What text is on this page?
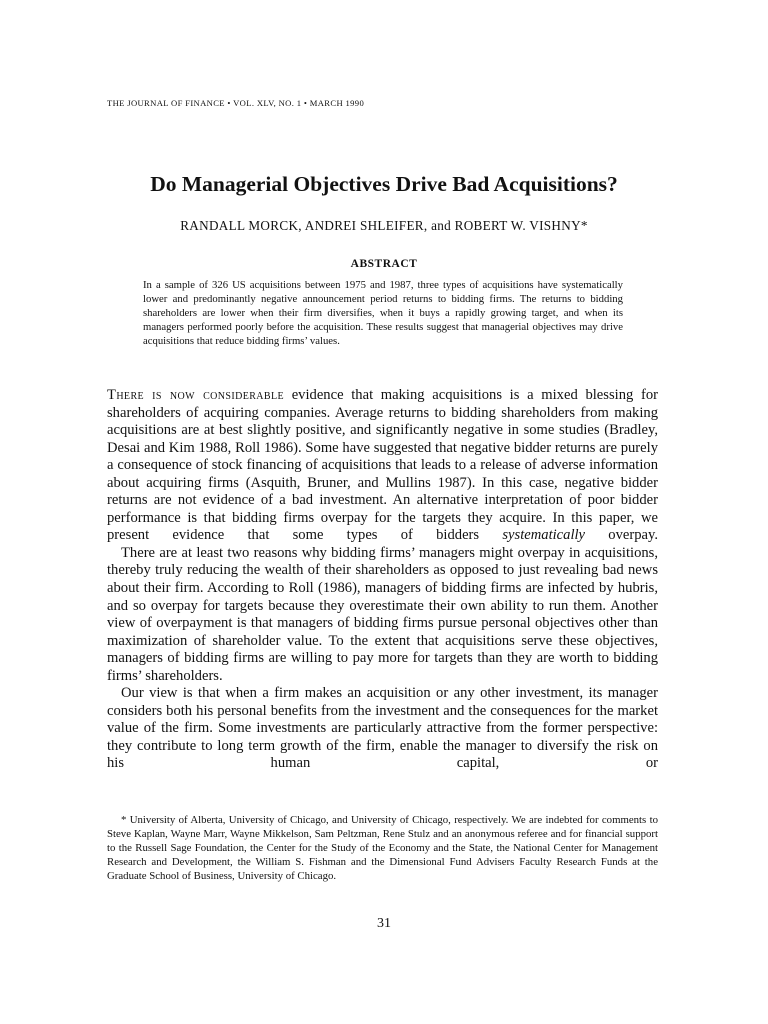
THE JOURNAL OF FINANCE • VOL. XLV, NO. 1 • MARCH 1990
Do Managerial Objectives Drive Bad Acquisitions?
RANDALL MORCK, ANDREI SHLEIFER, and ROBERT W. VISHNY*
ABSTRACT
In a sample of 326 US acquisitions between 1975 and 1987, three types of acquisitions have systematically lower and predominantly negative announcement period returns to bidding firms. The returns to bidding shareholders are lower when their firm diversifies, when it buys a rapidly growing target, and when its managers performed poorly before the acquisition. These results suggest that managerial objectives may drive acquisitions that reduce bidding firms’ values.

There is now considerable evidence that making acquisitions is a mixed blessing for shareholders of acquiring companies. Average returns to bidding shareholders from making acquisitions are at best slightly positive, and significantly negative in some studies (Bradley, Desai and Kim 1988, Roll 1986). Some have suggested that negative bidder returns are purely a consequence of stock financing of acquisitions that leads to a release of adverse information about acquiring firms (Asquith, Bruner, and Mullins 1987). In this case, negative bidder returns are not evidence of a bad investment. An alternative interpretation of poor bidder performance is that bidding firms overpay for the targets they acquire. In this paper, we present evidence that some types of bidders systematically overpay.

There are at least two reasons why bidding firms’ managers might overpay in acquisitions, thereby truly reducing the wealth of their shareholders as opposed to just revealing bad news about their firm. According to Roll (1986), managers of bidding firms are infected by hubris, and so overpay for targets because they overestimate their own ability to run them. Another view of overpayment is that managers of bidding firms pursue personal objectives other than maximization of shareholder value. To the extent that acquisitions serve these objectives, managers of bidding firms are willing to pay more for targets than they are worth to bidding firms’ shareholders.

Our view is that when a firm makes an acquisition or any other investment, its manager considers both his personal benefits from the investment and the consequences for the market value of the firm. Some investments are particularly attractive from the former perspective: they contribute to long term growth of the firm, enable the manager to diversify the risk on his human capital, or

* University of Alberta, University of Chicago, and University of Chicago, respectively. We are indebted for comments to Steve Kaplan, Wayne Marr, Wayne Mikkelson, Sam Peltzman, Rene Stulz and an anonymous referee and for financial support to the Russell Sage Foundation, the Center for the Study of the Economy and the State, the National Center for Management Research and Development, the William S. Fishman and the Dimensional Fund Advisers Faculty Research Funds at the Graduate School of Business, University of Chicago.

31
